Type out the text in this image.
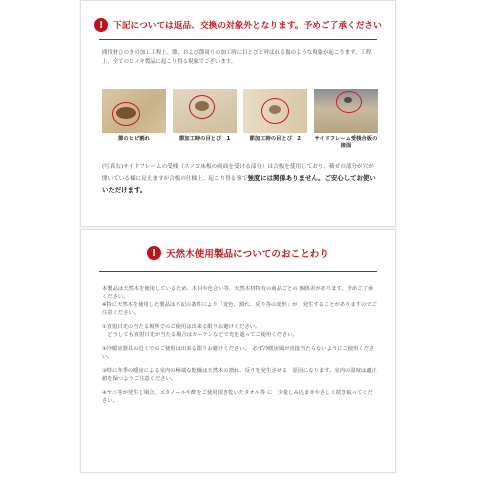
!	下記については返品、交換の対象外となります。予めご了承ください
間伐材ひのきの加工工程上、節、および節周りの加工時に目とびと呼ばれる傷のような現象が起こります。工程上、全てのヒノキ製品に起こり得る現象でございます。
節のヒビ割れ	節加工時の目とび　1	節加工時の目とび　2	サイドフレーム受桟合板の接面
(写真右)サイドフレームの受桟（スノコ床板の両面を受ける部分）は合板を使用しており、載せの部分が穴が開いている様に見えますが合板の仕様上、起こり得る事で強度には関係ありません。ご安心してお使いいただけます。
!	天然木使用製品についてのおことわり

本製品は天然木を使用しているため、木目や色合い等、天然木材特有の商品ごとの 個体差があります。予めご了承ください。
※特に天然木を使用した製品は下記の条件により「変色、割れ、反り等の変形」が　発生することがありますのでご注意ください。

①直射日光の当たる場所でのご使用は出来る限りお避けください。
　どうしても直射日光が当たる場合はカーテンなどで光を遮ってご使用ください。

②冷暖房器具の近くでのご使用は出来る限りお避けください。　必ず冷暖房風が直接当たらないようにご使用ください。

③特に冬季の暖房による室内の極端な乾燥は天然木の割れ、反りを発生させる　原因になります。室内の湿度は適正値を保つようご注意ください。

④ヤニ等が発生し場合、エタノールや酢をご使用頂き乾いたタオル等 に　少量しみ込ませやさしく拭き取ってください。
